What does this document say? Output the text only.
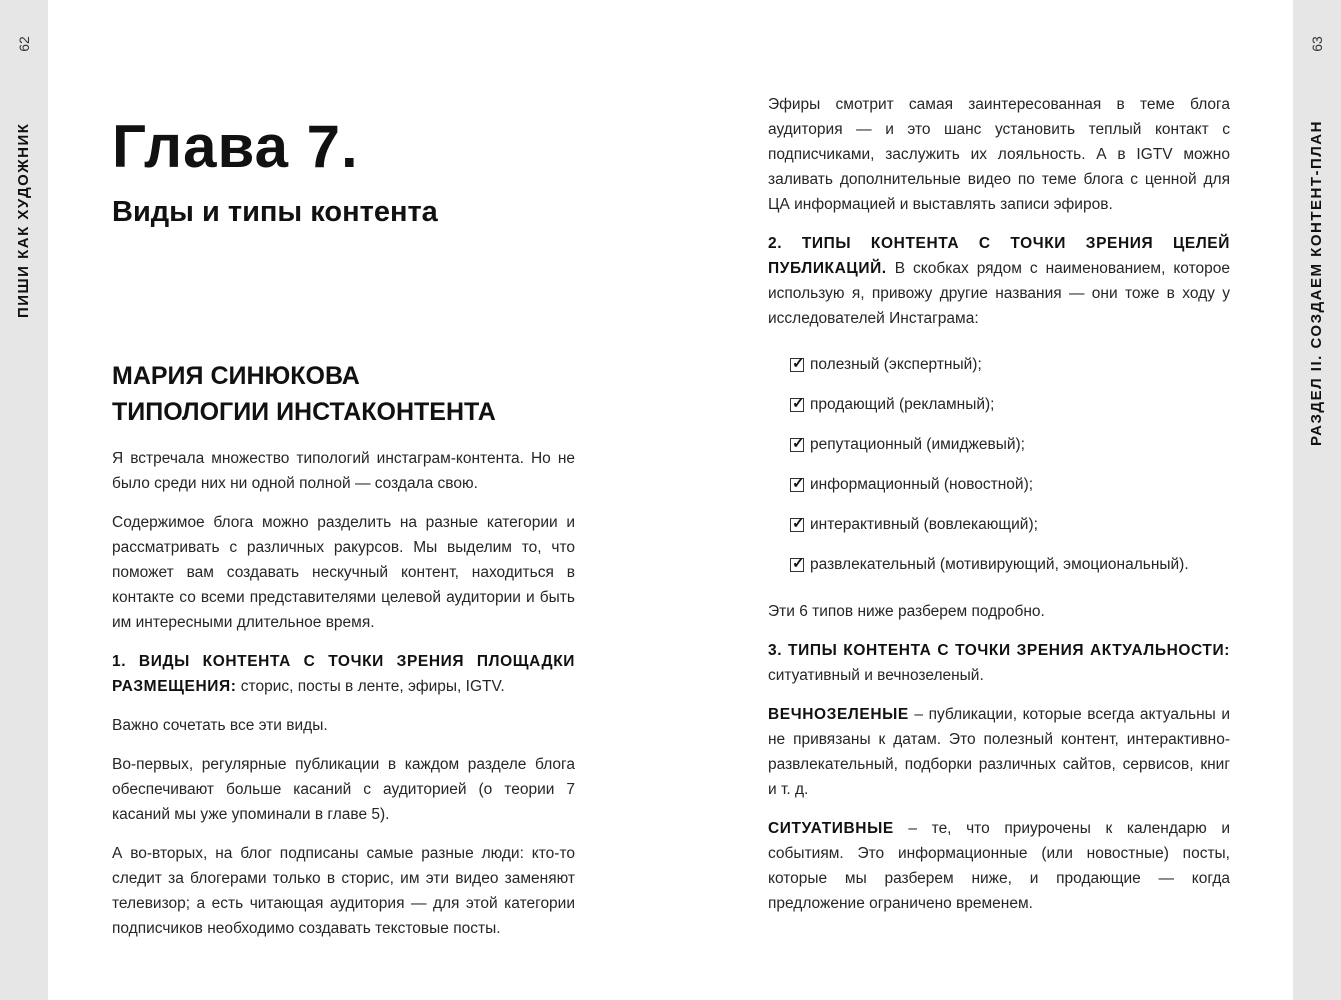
62
ПИШИ КАК ХУДОЖНИК
63
РАЗДЕЛ II. СОЗДАЕМ КОНТЕНТ-ПЛАН
Глава 7.
Виды и типы контента
МАРИЯ СИНЮКОВА
ТИПОЛОГИИ ИНСТАКОНТЕНТА

Я встречала множество типологий инстаграм-контента. Но не было среди них ни одной полной — создала свою.

Содержимое блога можно разделить на разные категории и рассматривать с различных ракурсов. Мы выделим то, что поможет вам создавать нескучный контент, находиться в контакте со всеми представителями целевой аудитории и быть им интересными длительное время.

1. ВИДЫ КОНТЕНТА С ТОЧКИ ЗРЕНИЯ ПЛОЩАДКИ РАЗМЕЩЕНИЯ: сторис, посты в ленте, эфиры, IGTV.

Важно сочетать все эти виды.

Во-первых, регулярные публикации в каждом разделе блога обеспечивают больше касаний с аудиторией (о теории 7 касаний мы уже упоминали в главе 5).

А во-вторых, на блог подписаны самые разные люди: кто-то следит за блогерами только в сторис, им эти видео заменяют телевизор; а есть читающая аудитория — для этой категории подписчиков необходимо создавать текстовые посты.

Эфиры смотрит самая заинтересованная в теме блога аудитория — и это шанс установить теплый контакт с подписчиками, заслужить их лояльность. А в IGTV можно заливать дополнительные видео по теме блога с ценной для ЦА информацией и выставлять записи эфиров.

2. ТИПЫ КОНТЕНТА С ТОЧКИ ЗРЕНИЯ ЦЕЛЕЙ ПУБЛИКАЦИЙ. В скобках рядом с наименованием, которое использую я, привожу другие названия — они тоже в ходу у исследователей Инстаграма:

✓
полезный (экспертный);
✓
продающий (рекламный);
✓
репутационный (имиджевый);
✓
информационный (новостной);
✓
интерактивный (вовлекающий);
✓
развлекательный (мотивирующий, эмоциональный).

Эти 6 типов ниже разберем подробно.

3. ТИПЫ КОНТЕНТА С ТОЧКИ ЗРЕНИЯ АКТУАЛЬНОСТИ: ситуативный и вечнозеленый.

ВЕЧНОЗЕЛЕНЫЕ – публикации, которые всегда актуальны и не привязаны к датам. Это полезный контент, интерактивно-развлекательный, подборки различных сайтов, сервисов, книг и т. д.

СИТУАТИВНЫЕ – те, что приурочены к календарю и событиям. Это информационные (или новостные) посты, которые мы разберем ниже, и продающие — когда предложение ограничено временем.
